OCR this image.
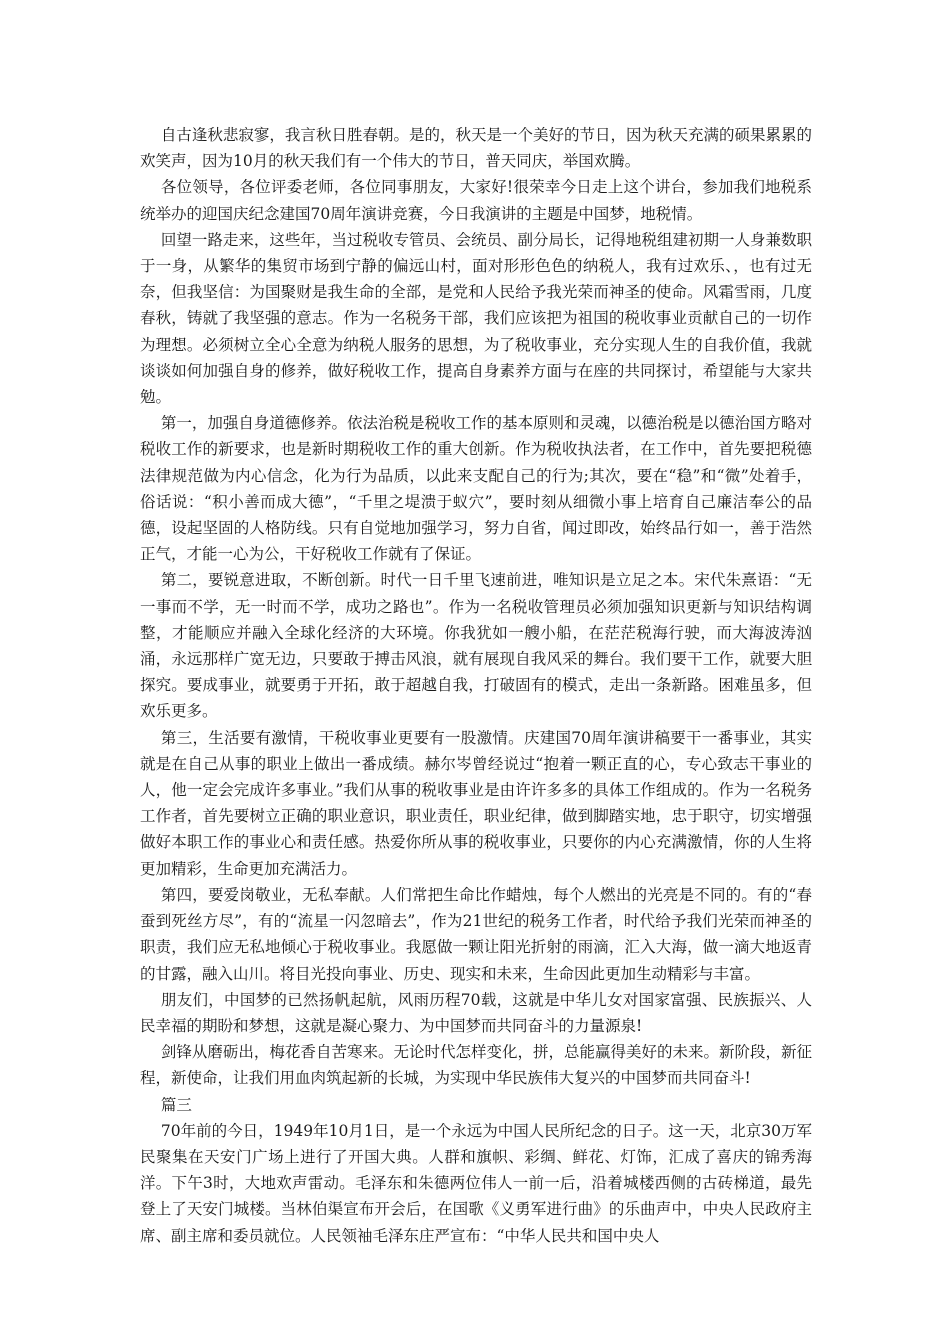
自古逢秋悲寂寥，我言秋日胜春朝。是的，秋天是一个美好的节日，因为秋天充满的硕果累累的欢笑声，因为10月的秋天我们有一个伟大的节日，普天同庆，举国欢腾。

各位领导，各位评委老师，各位同事朋友，大家好!很荣幸今日走上这个讲台，参加我们地税系统举办的迎国庆纪念建国70周年演讲竞赛，今日我演讲的主题是中国梦，地税情。

回望一路走来，这些年，当过税收专管员、会统员、副分局长，记得地税组建初期一人身兼数职于一身，从繁华的集贸市场到宁静的偏远山村，面对形形色色的纳税人，我有过欢乐、，也有过无奈，但我坚信：为国聚财是我生命的全部，是党和人民给予我光荣而神圣的使命。风霜雪雨，几度春秋，铸就了我坚强的意志。作为一名税务干部，我们应该把为祖国的税收事业贡献自己的一切作为理想。必须树立全心全意为纳税人服务的思想，为了税收事业，充分实现人生的自我价值，我就谈谈如何加强自身的修养，做好税收工作，提高自身素养方面与在座的共同探讨，希望能与大家共勉。

第一，加强自身道德修养。依法治税是税收工作的基本原则和灵魂，以德治税是以德治国方略对税收工作的新要求，也是新时期税收工作的重大创新。作为税收执法者，在工作中，首先要把税德法律规范做为内心信念，化为行为品质，以此来支配自己的行为;其次，要在“稳”和“微”处着手，俗话说：“积小善而成大德”，“千里之堤溃于蚁穴”，要时刻从细微小事上培育自己廉洁奉公的品德，设起坚固的人格防线。只有自觉地加强学习，努力自省，闻过即改，始终品行如一，善于浩然正气，才能一心为公，干好税收工作就有了保证。

第二，要锐意进取，不断创新。时代一日千里飞速前进，唯知识是立足之本。宋代朱熹语：“无一事而不学，无一时而不学，成功之路也”。作为一名税收管理员必须加强知识更新与知识结构调整，才能顺应并融入全球化经济的大环境。你我犹如一艘小船，在茫茫税海行驶，而大海波涛汹涌，永远那样广宽无边，只要敢于搏击风浪，就有展现自我风采的舞台。我们要干工作，就要大胆探究。要成事业，就要勇于开拓，敢于超越自我，打破固有的模式，走出一条新路。困难虽多，但欢乐更多。

第三，生活要有激情，干税收事业更要有一股激情。庆建国70周年演讲稿要干一番事业，其实就是在自己从事的职业上做出一番成绩。赫尔岑曾经说过“抱着一颗正直的心，专心致志干事业的人，他一定会完成许多事业。”我们从事的税收事业是由许许多多的具体工作组成的。作为一名税务工作者，首先要树立正确的职业意识，职业责任，职业纪律，做到脚踏实地，忠于职守，切实增强做好本职工作的事业心和责任感。热爱你所从事的税收事业，只要你的内心充满激情，你的人生将更加精彩，生命更加充满活力。

第四，要爱岗敬业，无私奉献。人们常把生命比作蜡烛，每个人燃出的光亮是不同的。有的“春蚕到死丝方尽”，有的“流星一闪忽暗去”，作为21世纪的税务工作者，时代给予我们光荣而神圣的职责，我们应无私地倾心于税收事业。我愿做一颗让阳光折射的雨滴，汇入大海，做一滴大地返青的甘露，融入山川。将目光投向事业、历史、现实和未来，生命因此更加生动精彩与丰富。

朋友们，中国梦的已然扬帆起航，风雨历程70载，这就是中华儿女对国家富强、民族振兴、人民幸福的期盼和梦想，这就是凝心聚力、为中国梦而共同奋斗的力量源泉!

剑锋从磨砺出，梅花香自苦寒来。无论时代怎样变化，拼，总能赢得美好的未来。新阶段，新征程，新使命，让我们用血肉筑起新的长城，为实现中华民族伟大复兴的中国梦而共同奋斗!

篇三

70年前的今日，1949年10月1日，是一个永远为中国人民所纪念的日子。这一天，北京30万军民聚集在天安门广场上进行了开国大典。人群和旗帜、彩绸、鲜花、灯饰，汇成了喜庆的锦秀海洋。下午3时，大地欢声雷动。毛泽东和朱德两位伟人一前一后，沿着城楼西侧的古砖梯道，最先登上了天安门城楼。当林伯渠宣布开会后，在国歌《义勇军进行曲》的乐曲声中，中央人民政府主席、副主席和委员就位。人民领袖毛泽东庄严宣布：“中华人民共和国中央人
